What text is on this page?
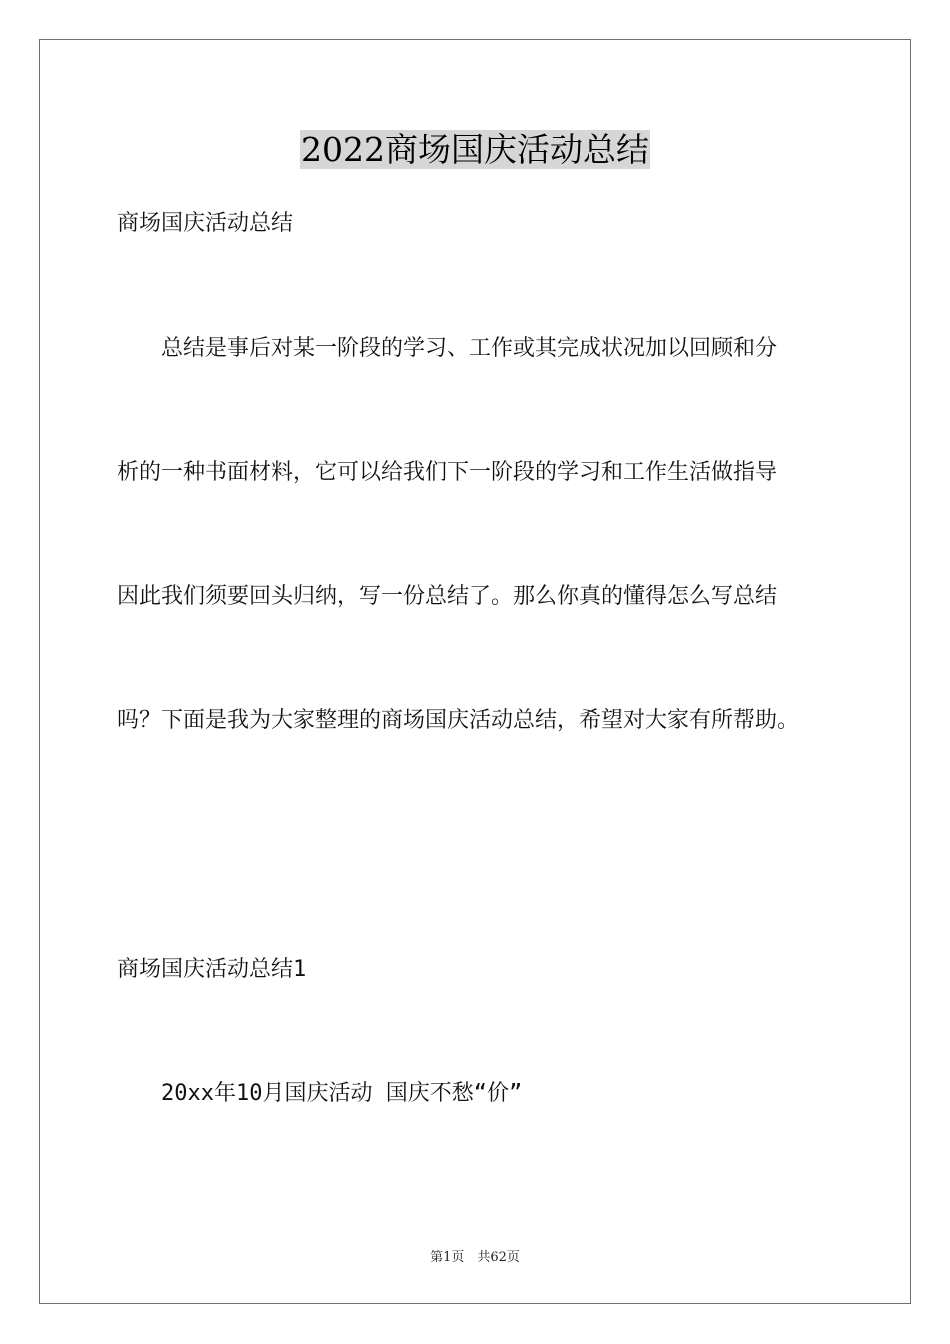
2022商场国庆活动总结
商场国庆活动总结
　　总结是事后对某一阶段的学习、工作或其完成状况加以回顾和分
析的一种书面材料，它可以给我们下一阶段的学习和工作生活做指导
因此我们须要回头归纳，写一份总结了。那么你真的懂得怎么写总结
吗？下面是我为大家整理的商场国庆活动总结，希望对大家有所帮助。
商场国庆活动总结1
　　20xx年10月国庆活动 国庆不愁“价”
第1页　共62页
